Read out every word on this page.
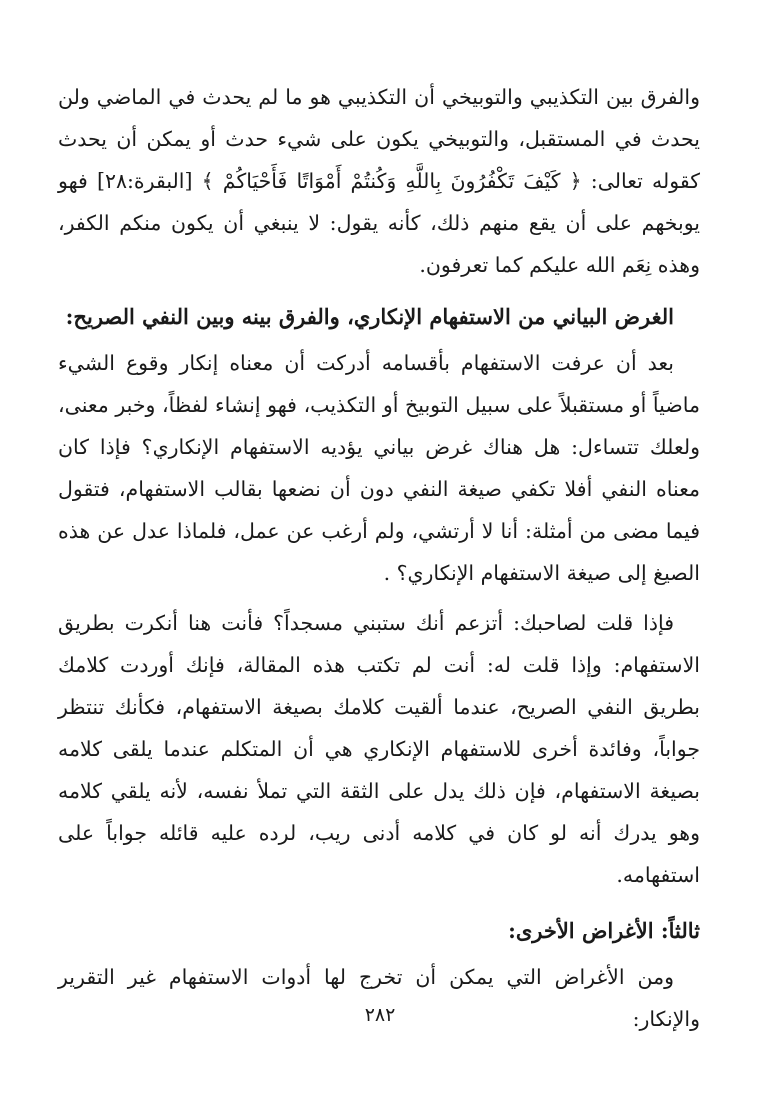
والفرق بين التكذيبي والتوبيخي أن التكذيبي هو ما لم يحدث في الماضي ولن يحدث في المستقبل، والتوبيخي يكون على شيء حدث أو يمكن أن يحدث كقوله تعالى: ﴿ كَيْفَ تَكْفُرُونَ بِاللَّهِ وَكُنتُمْ أَمْوَاتًا فَأَحْيَاكُمْ ﴾ [البقرة:٢٨] فهو يوبخهم على أن يقع منهم ذلك، كأنه يقول: لا ينبغي أن يكون منكم الكفر، وهذه نِعَم الله عليكم كما تعرفون.

الغرض البياني من الاستفهام الإنكاري، والفرق بينه وبين النفي الصريح:

بعد أن عرفت الاستفهام بأقسامه أدركت أن معناه إنكار وقوع الشيء ماضياً أو مستقبلاً على سبيل التوبيخ أو التكذيب، فهو إنشاء لفظاً، وخبر معنى، ولعلك تتساءل: هل هناك غرض بياني يؤديه الاستفهام الإنكاري؟ فإذا كان معناه النفي أفلا تكفي صيغة النفي دون أن نضعها بقالب الاستفهام، فتقول فيما مضى من أمثلة: أنا لا أرتشي، ولم أرغب عن عمل، فلماذا عدل عن هذه الصيغ إلى صيغة الاستفهام الإنكاري؟ .

فإذا قلت لصاحبك: أتزعم أنك ستبني مسجداً؟ فأنت هنا أنكرت بطريق الاستفهام: وإذا قلت له: أنت لم تكتب هذه المقالة، فإنك أوردت كلامك بطريق النفي الصريح، عندما ألقيت كلامك بصيغة الاستفهام، فكأنك تنتظر جواباً، وفائدة أخرى للاستفهام الإنكاري هي أن المتكلم عندما يلقى كلامه بصيغة الاستفهام، فإن ذلك يدل على الثقة التي تملأ نفسه، لأنه يلقي كلامه وهو يدرك أنه لو كان في كلامه أدنى ريب، لرده عليه قائله جواباً على استفهامه.

ثالثاً: الأغراض الأخرى:

ومن الأغراض التي يمكن أن تخرج لها أدوات الاستفهام غير التقرير والإنكار:

٢٨٢
